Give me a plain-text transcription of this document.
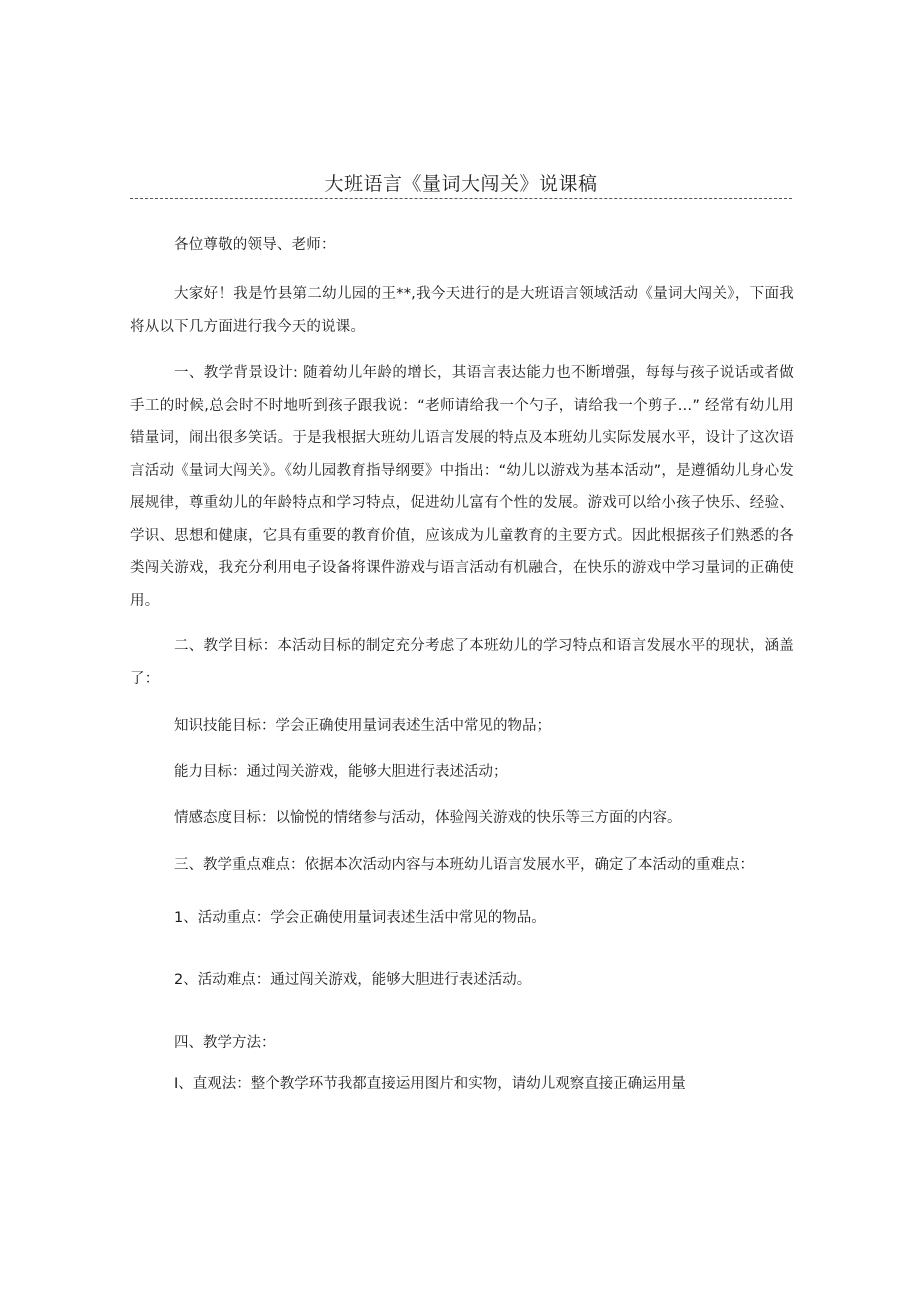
大班语言《量词大闯关》说课稿

各位尊敬的领导、老师：

大家好！我是竹县第二幼儿园的王**,我今天进行的是大班语言领域活动《量词大闯关》，下面我将从以下几方面进行我今天的说课。

一、教学背景设计: 随着幼儿年龄的增长，其语言表达能力也不断增强，每每与孩子说话或者做手工的时候,总会时不时地听到孩子跟我说：“老师请给我一个勺子，请给我一个剪子…” 经常有幼儿用错量词，闹出很多笑话。于是我根据大班幼儿语言发展的特点及本班幼儿实际发展水平，设计了这次语言活动《量词大闯关》。《幼儿园教育指导纲要》中指出：“幼儿以游戏为基本活动”，是遵循幼儿身心发展规律，尊重幼儿的年龄特点和学习特点，促进幼儿富有个性的发展。游戏可以给小孩子快乐、经验、学识、思想和健康，它具有重要的教育价值，应该成为儿童教育的主要方式。因此根据孩子们熟悉的各类闯关游戏，我充分利用电子设备将课件游戏与语言活动有机融合，在快乐的游戏中学习量词的正确使用。

二、教学目标：本活动目标的制定充分考虑了本班幼儿的学习特点和语言发展水平的现状，涵盖了：

知识技能目标：学会正确使用量词表述生活中常见的物品；

能力目标：通过闯关游戏，能够大胆进行表述活动；

情感态度目标：以愉悦的情绪参与活动，体验闯关游戏的快乐等三方面的内容。

三、教学重点难点：依据本次活动内容与本班幼儿语言发展水平，确定了本活动的重难点：

1、活动重点：学会正确使用量词表述生活中常见的物品。

2、活动难点：通过闯关游戏，能够大胆进行表述活动。

四、教学方法：

I、直观法：整个教学环节我都直接运用图片和实物，请幼儿观察直接正确运用量
